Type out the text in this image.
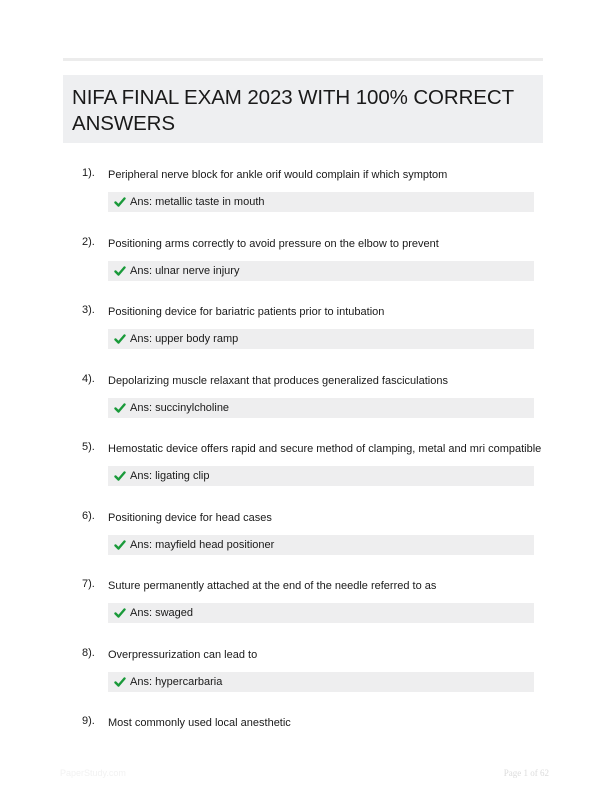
NIFA FINAL EXAM 2023 WITH 100% CORRECT ANSWERS
1). Peripheral nerve block for ankle orif would complain if which symptom
Ans: metallic taste in mouth
2). Positioning arms correctly to avoid pressure on the elbow to prevent
Ans: ulnar nerve injury
3). Positioning device for bariatric patients prior to intubation
Ans: upper body ramp
4). Depolarizing muscle relaxant that produces generalized fasciculations
Ans: succinylcholine
5). Hemostatic device offers rapid and secure method of clamping, metal and mri compatible
Ans: ligating clip
6). Positioning device for head cases
Ans: mayfield head positioner
7). Suture permanently attached at the end of the needle referred to as
Ans: swaged
8). Overpressurization can lead to
Ans: hypercarbaria
9). Most commonly used local anesthetic
PaperStudy.com	Page 1 of 62
